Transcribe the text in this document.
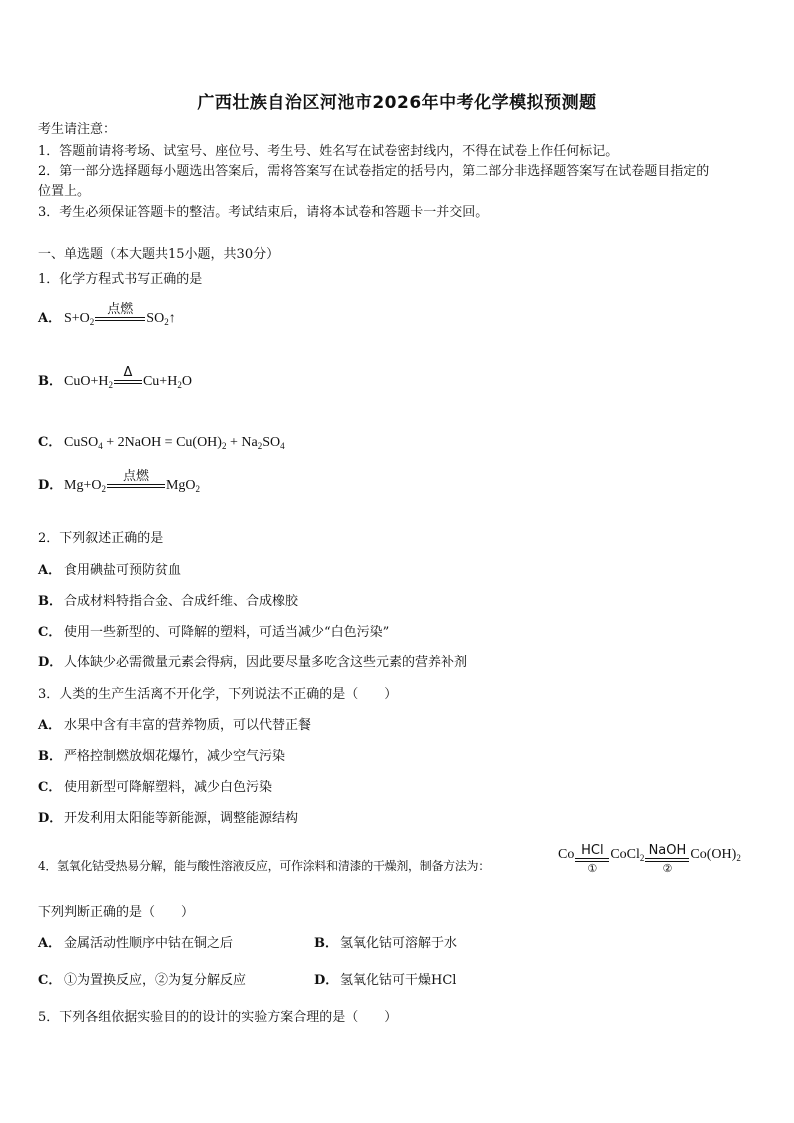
广西壮族自治区河池市2026年中考化学模拟预测题
考生请注意：
1．答题前请将考场、试室号、座位号、考生号、姓名写在试卷密封线内，不得在试卷上作任何标记。
2．第一部分选择题每小题选出答案后，需将答案写在试卷指定的括号内，第二部分非选择题答案写在试卷题目指定的
位置上。
3．考生必须保证答题卡的整洁。考试结束后，请将本试卷和答题卡一并交回。
一、单选题（本大题共15小题，共30分）
1．化学方程式书写正确的是
A． $S+O_2$
点燃

$SO_2↑$
B． $CuO+H_2$
Δ

$Cu+H_2O$
C． CuSO$_4$ + 2NaOH = $Cu(OH)_2 + Na_2SO_4$
D． $Mg+O_2$
点燃

MgO$_2$
2．下列叙述正确的是
A． 食用碘盐可预防贫血
B． 合成材料特指合金、合成纤维、合成橡胶
C． 使用一些新型的、可降解的塑料，可适当减少“白色污染”
D． 人体缺少必需微量元素会得病，因此要尽量多吃含这些元素的营养补剂
3．人类的生产生活离不开化学，下列说法不正确的是（　　）
A． 水果中含有丰富的营养物质，可以代替正餐
B． 严格控制燃放烟花爆竹，减少空气污染
C． 使用新型可降解塑料，减少白色污染
D． 开发利用太阳能等新能源，调整能源结构
4．氢氧化钴受热易分解，能与酸性溶液反应，可作涂料和清漆的干燥剂，制备方法为：
Co HCl
①
CoCl$_2$ NaOH
②
$Co(OH)_2$
下列判断正确的是（　　）
A． 金属活动性顺序中钴在铜之后	B． 氢氧化钴可溶解于水
C． ①为置换反应，②为复分解反应	D． 氢氧化钴可干燥HCl
5．下列各组依据实验目的的设计的实验方案合理的是（　　）
